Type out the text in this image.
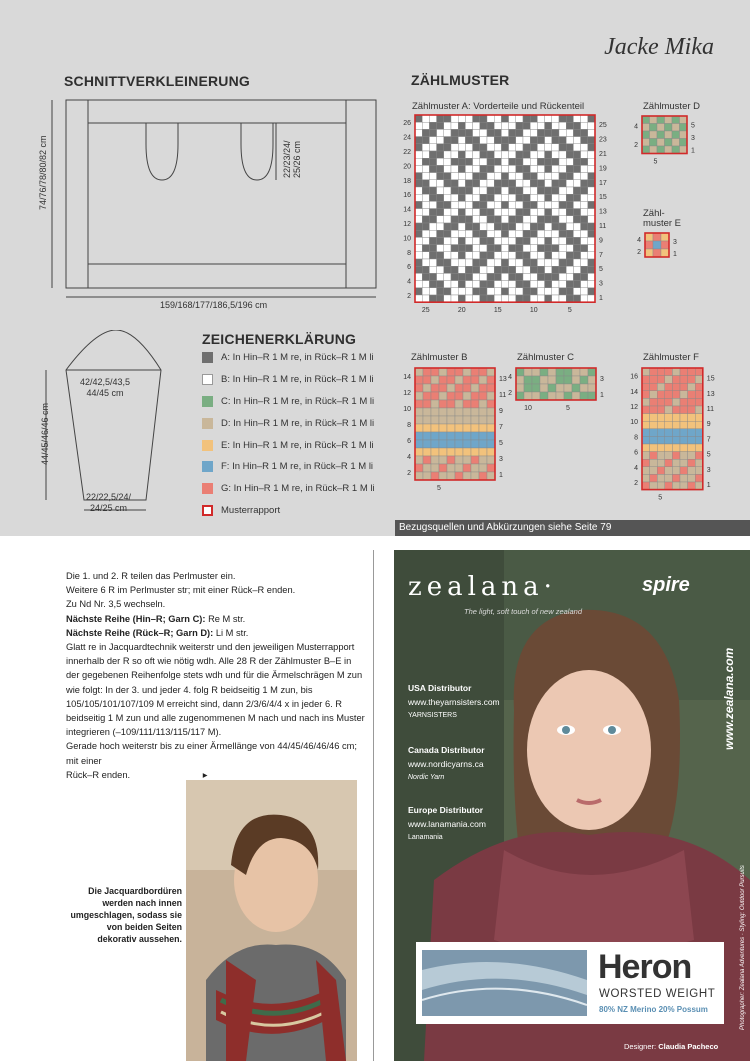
Jacke Mika
SCHNITTVERKLEINERUNG
74/76/78/80/82 cm	22/23/24/
25/26 cm
159/168/177/186,5/196 cm
42/42,5/43,5
44/45 cm
44/45/46/46 cm
22/22,5/24/
24/25 cm
ZEICHENERKLÄRUNG
A: In Hin–R 1 M re, in Rück–R 1 M li
B: In Hin–R 1 M re, in Rück–R 1 M li
C: In Hin–R 1 M re, in Rück–R 1 M li
D: In Hin–R 1 M re, in Rück–R 1 M li
E: In Hin–R 1 M re, in Rück–R 1 M li
F: In Hin–R 1 M re, in Rück–R 1 M li
G: In Hin–R 1 M re, in Rück–R 1 M li
Musterrapport
ZÄHLMUSTER
Zählmuster A: Vorderteile und Rückenteil	Zählmuster D
Zähl-
muster E
Zählmuster B	Zählmuster C	Zählmuster F
26
24
22
20
18
16
14
12
10
8
6
4
2
25
23
21
19
17
15
13
11
9
7
5
3
1
25	20	15	10	5
14
12
10
8
6
4
2
13
11
9
7
5
3
1
5
4
2
3
1
10	5
4
2
5
3
1
5
4
2
3
1
16
14
12
10
8
6
4
2
15
13
11
9
7
5
3
1
5
Bezugsquellen und Abkürzungen siehe Seite 79
Die 1. und 2. R teilen das Perlmuster ein.
Weitere 6 R im Perlmuster str; mit einer Rück–R enden.
Zu Nd Nr. 3,5 wechseln.
Nächste Reihe (Hin–R; Garn C): Re M str.
Nächste Reihe (Rück–R; Garn D): Li M str.
Glatt re in Jacquardtechnik weiterstr und den jeweiligen Musterrapport innerhalb der R so oft wie nötig wdh. Alle 28 R der Zählmuster B–E in der gegebenen Reihenfolge stets wdh und für die Ärmelschrägen M zun wie folgt: In der 3. und jeder 4. folg R beidseitig 1 M zun, bis 105/105/101/107/109 M erreicht sind, dann 2/3/6/4/4 x in jeder 6. R beidseitig 1 M zun und alle zugenommenen M nach und nach ins Muster integrieren (–109/111/113/115/117 M).
Gerade hoch weiterstr bis zu einer Ärmellänge von 44/45/46/46/46 cm; mit einer
Rück–R enden.	▸
Die Jacquardbordüren werden nach innen umgeschlagen, sodass sie von beiden Seiten dekorativ aussehen.
zealana·	spire
The light, soft touch of new zealand
USA Distributor
www.theyarnsisters.com
YARNSISTERS
Canada Distributor
www.nordicyarns.ca
Nordic Yarn
Europe Distributor
www.lanamania.com
Lanamania
www.zealana.com
Photographer: Zealana Adventures · Styling: Outdoor Pursuits
Heron
WORSTED WEIGHT
80% NZ Merino 20% Possum
Designer: Claudia Pacheco
